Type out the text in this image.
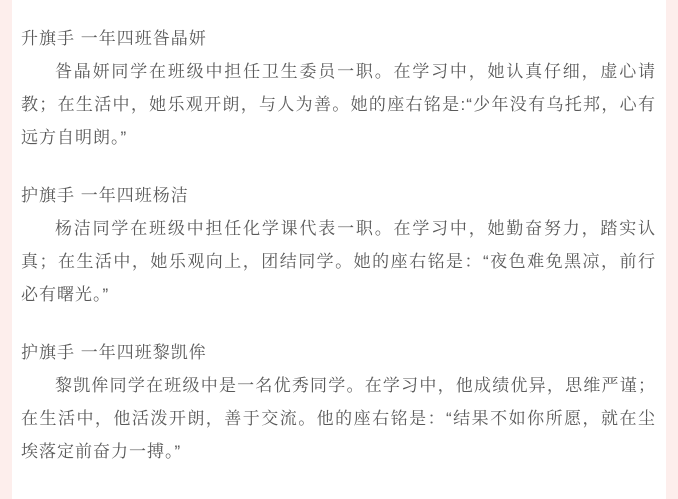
升旗手 一年四班昝晶妍

昝晶妍同学在班级中担任卫生委员一职。在学习中，她认真仔细，虚心请教；在生活中，她乐观开朗，与人为善。她的座右铭是:“少年没有乌托邦，心有远方自明朗。”

护旗手 一年四班杨洁

杨洁同学在班级中担任化学课代表一职。在学习中，她勤奋努力，踏实认真；在生活中，她乐观向上，团结同学。她的座右铭是：“夜色难免黑凉，前行必有曙光。”

护旗手 一年四班黎凯侔

黎凯侔同学在班级中是一名优秀同学。在学习中，他成绩优异，思维严谨；在生活中，他活泼开朗，善于交流。他的座右铭是：“结果不如你所愿，就在尘埃落定前奋力一搏。”
